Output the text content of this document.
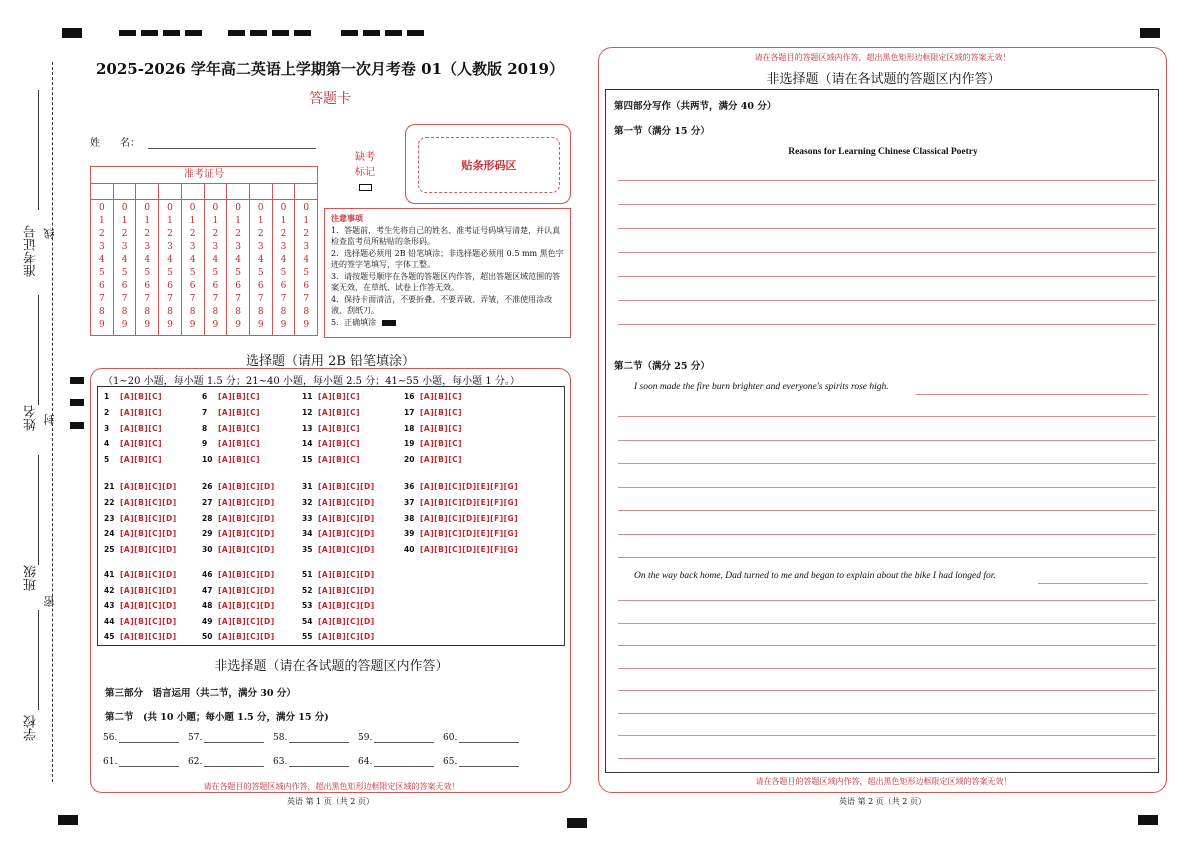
准考证号
姓名
班级
学校
线
封
密
2025-2026 学年高二英语上学期第一次月考卷 01（人教版 2019）
答题卡
姓　　名：
准考证号
0
1
2
3
4
5
6
7
8
9
0
1
2
3
4
5
6
7
8
9
0
1
2
3
4
5
6
7
8
9
0
1
2
3
4
5
6
7
8
9
0
1
2
3
4
5
6
7
8
9
0
1
2
3
4
5
6
7
8
9
0
1
2
3
4
5
6
7
8
9
0
1
2
3
4
5
6
7
8
9
0
1
2
3
4
5
6
7
8
9
0
1
2
3
4
5
6
7
8
9
缺考
标记
贴条形码区
注意事项
1．答题前，考生先将自己的姓名、准考证号码填写清楚，并认真检查监考员所粘贴的条形码。
2．选择题必须用 2B 铅笔填涂；非选择题必须用 0.5 mm 黑色字迹的签字笔填写，字体工整。
3．请按题号顺序在各题的答题区内作答，超出答题区域范围的答案无效，在草纸、试卷上作答无效。
4．保持卡面清洁，不要折叠、不要弄破、弄皱，不准使用涂改液、刮纸刀。
5．正确填涂
选择题（请用 2B 铅笔填涂）
（1~20 小题，每小题 1.5 分；21~40 小题，每小题 2.5 分；41~55 小题，每小题 1 分。）
1 [A][B][C]
2 [A][B][C]
3 [A][B][C]
4 [A][B][C]
5 [A][B][C]
6 [A][B][C]
7 [A][B][C]
8 [A][B][C]
9 [A][B][C]
10 [A][B][C]
11 [A][B][C]
12 [A][B][C]
13 [A][B][C]
14 [A][B][C]
15 [A][B][C]
16 [A][B][C]
17 [A][B][C]
18 [A][B][C]
19 [A][B][C]
20 [A][B][C]
21 [A][B][C][D]
22 [A][B][C][D]
23 [A][B][C][D]
24 [A][B][C][D]
25 [A][B][C][D]
26 [A][B][C][D]
27 [A][B][C][D]
28 [A][B][C][D]
29 [A][B][C][D]
30 [A][B][C][D]
31 [A][B][C][D]
32 [A][B][C][D]
33 [A][B][C][D]
34 [A][B][C][D]
35 [A][B][C][D]
36 [A][B][C][D][E][F][G]
37 [A][B][C][D][E][F][G]
38 [A][B][C][D][E][F][G]
39 [A][B][C][D][E][F][G]
40 [A][B][C][D][E][F][G]
41 [A][B][C][D]
42 [A][B][C][D]
43 [A][B][C][D]
44 [A][B][C][D]
45 [A][B][C][D]
46 [A][B][C][D]
47 [A][B][C][D]
48 [A][B][C][D]
49 [A][B][C][D]
50 [A][B][C][D]
51 [A][B][C][D]
52 [A][B][C][D]
53 [A][B][C][D]
54 [A][B][C][D]
55 [A][B][C][D]
非选择题（请在各试题的答题区内作答）
第三部分　语言运用（共二节，满分 30 分）
第二节　(共 10 小题；每小题 1.5 分，满分 15 分)
56.	57.	58.	59.	60.
61.	62.	63.	64.	65.
请在各题目的答题区域内作答，超出黑色矩形边框限定区域的答案无效！
英语 第 1 页（共 2 页）
请在各题目的答题区域内作答，超出黑色矩形边框限定区域的答案无效！
非选择题（请在各试题的答题区内作答）
第四部分写作（共两节，满分 40 分）
第一节（满分 15 分）
Reasons for Learning Chinese Classical Poetry
第二节（满分 25 分）
I soon made the fire burn brighter and everyone's spirits rose high.
On the way back home, Dad turned to me and began to explain about the bike I had longed for.
请在各题目的答题区域内作答，超出黑色矩形边框限定区域的答案无效！
英语 第 2 页（共 2 页）
